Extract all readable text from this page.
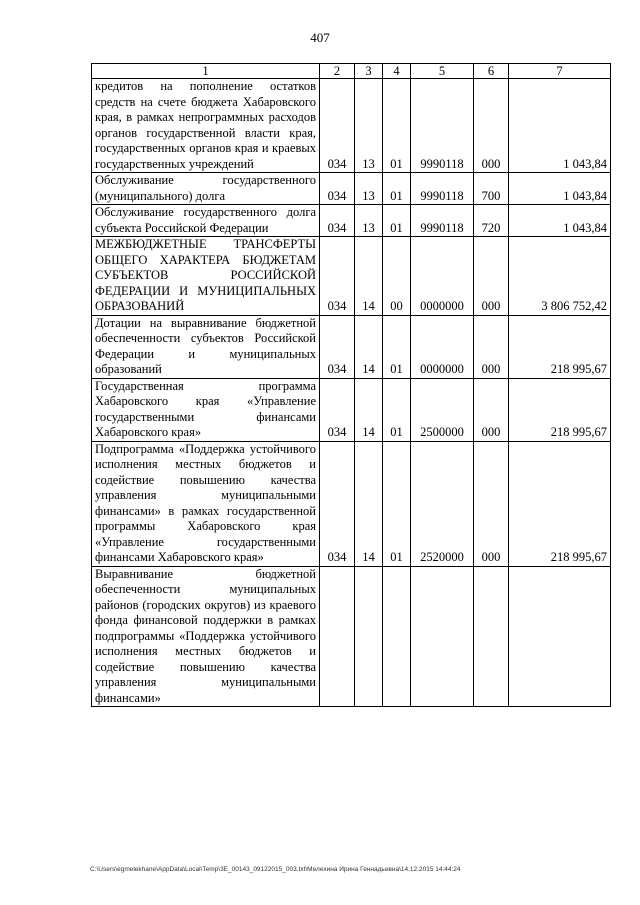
407
1	2	3	4	5	6	7
кредитов на пополнение остатков средств на счете бюджета Хабаровского края, в рамках непрограммных расходов органов государственной власти края, государственных органов края и краевых государственных учреждений	034	13	01	9990118	000	1 043,84
Обслуживание государственного (муниципального) долга	034	13	01	9990118	700	1 043,84
Обслуживание государственного долга субъекта Российской Федерации	034	13	01	9990118	720	1 043,84
МЕЖБЮДЖЕТНЫЕ ТРАНСФЕРТЫ ОБЩЕГО ХАРАКТЕРА БЮДЖЕТАМ СУБЪЕКТОВ РОССИЙСКОЙ ФЕДЕРАЦИИ И МУНИЦИПАЛЬНЫХ ОБРАЗОВАНИЙ	034	14	00	0000000	000	3 806 752,42
Дотации на выравнивание бюджетной обеспеченности субъектов Российской Федерации и муниципальных образований	034	14	01	0000000	000	218 995,67
Государственная программа Хабаровского края «Управление государственными финансами Хабаровского края»	034	14	01	2500000	000	218 995,67
Подпрограмма «Поддержка устойчивого исполнения местных бюджетов и содействие повышению качества управления муниципальными финансами» в рамках государственной программы Хабаровского края «Управление государственными финансами Хабаровского края»	034	14	01	2520000	000	218 995,67
Выравнивание бюджетной обеспеченности муниципальных районов (городских округов) из краевого фонда финансовой поддержки в рамках подпрограммы «Поддержка устойчивого исполнения местных бюджетов и содействие повышению качества управления муниципальными финансами»						
C:\Users\egmelekhane\AppData\Local\Temp\3E_00143_09122015_003.txt\Мелехина Ирина Геннадьевна\14.12.2015 14:44:24
